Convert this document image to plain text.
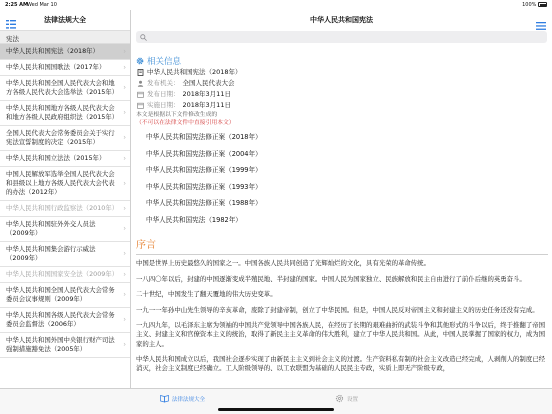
2:25 AM
Wed Mar 10	100%
法律法规大全
宪法
中华人民共和国宪法（2018年）	›
中华人民共和国国歌法（2017年）	›
中华人民共和国全国人民代表大会和地方各级人民代表大会选举法（2015年）
›
中华人民共和国地方各级人民代表大会和地方各级人民政府组织法（2015年）
›
全国人民代表大会常务委员会关于实行宪法宣誓制度的决定（2015年）
›
中华人民共和国立法法（2015年）	›
中国人民解放军选举全国人民代表大会和县级以上地方各级人民代表大会代表的办法（2012年）
›
中华人民共和国行政监察法（2010年） ›
中华人民共和国驻外外交人员法（2009年）
›
中华人民共和国集会游行示威法（2009年）
›
中华人民共和国国家安全法（2009年） ›
中华人民共和国全国人民代表大会常务委员会议事规则（2009年）
›
中华人民共和国各级人民代表大会常务委员会监督法（2006年）
›
中华人民共和国外国中央银行财产司法强制措施豁免法（2005年）
›
中华人民共和国宪法
相关信息
中华人民共和国宪法（2018年）
发布机关： 全国人民代表大会
发布日期： 2018年3月11日
实施日期： 2018年3月11日
本文是根据以下文件修改生成的
（不可以在法律文件中直接引用本文）
中华人民共和国宪法修正案（2018年）
中华人民共和国宪法修正案（2004年）
中华人民共和国宪法修正案（1999年）
中华人民共和国宪法修正案（1993年）
中华人民共和国宪法修正案（1988年）
中华人民共和国宪法（1982年）
序言

中国是世界上历史最悠久的国家之一。中国各族人民共同创造了光辉灿烂的文化，具有光荣的革命传统。

一八四〇年以后，封建的中国逐渐变成半殖民地、半封建的国家。中国人民为国家独立、民族解放和民主自由进行了前仆后继的英勇奋斗。

二十世纪，中国发生了翻天覆地的伟大历史变革。

一九一一年孙中山先生领导的辛亥革命，废除了封建帝制，创立了中华民国。但是，中国人民反对帝国主义和封建主义的历史任务还没有完成。

一九四九年，以毛泽东主席为领袖的中国共产党领导中国各族人民，在经历了长期的艰难曲折的武装斗争和其他形式的斗争以后，终于推翻了帝国主义、封建主义和官僚资本主义的统治，取得了新民主主义革命的伟大胜利，建立了中华人民共和国。从此，中国人民掌握了国家的权力，成为国家的主人。

中华人民共和国成立以后，我国社会逐步实现了由新民主主义到社会主义的过渡。生产资料私有制的社会主义改造已经完成，人剥削人的制度已经消灭，社会主义制度已经确立。工人阶级领导的、以工农联盟为基础的人民民主专政，实质上即无产阶级专政，

法律法规大全	设置
